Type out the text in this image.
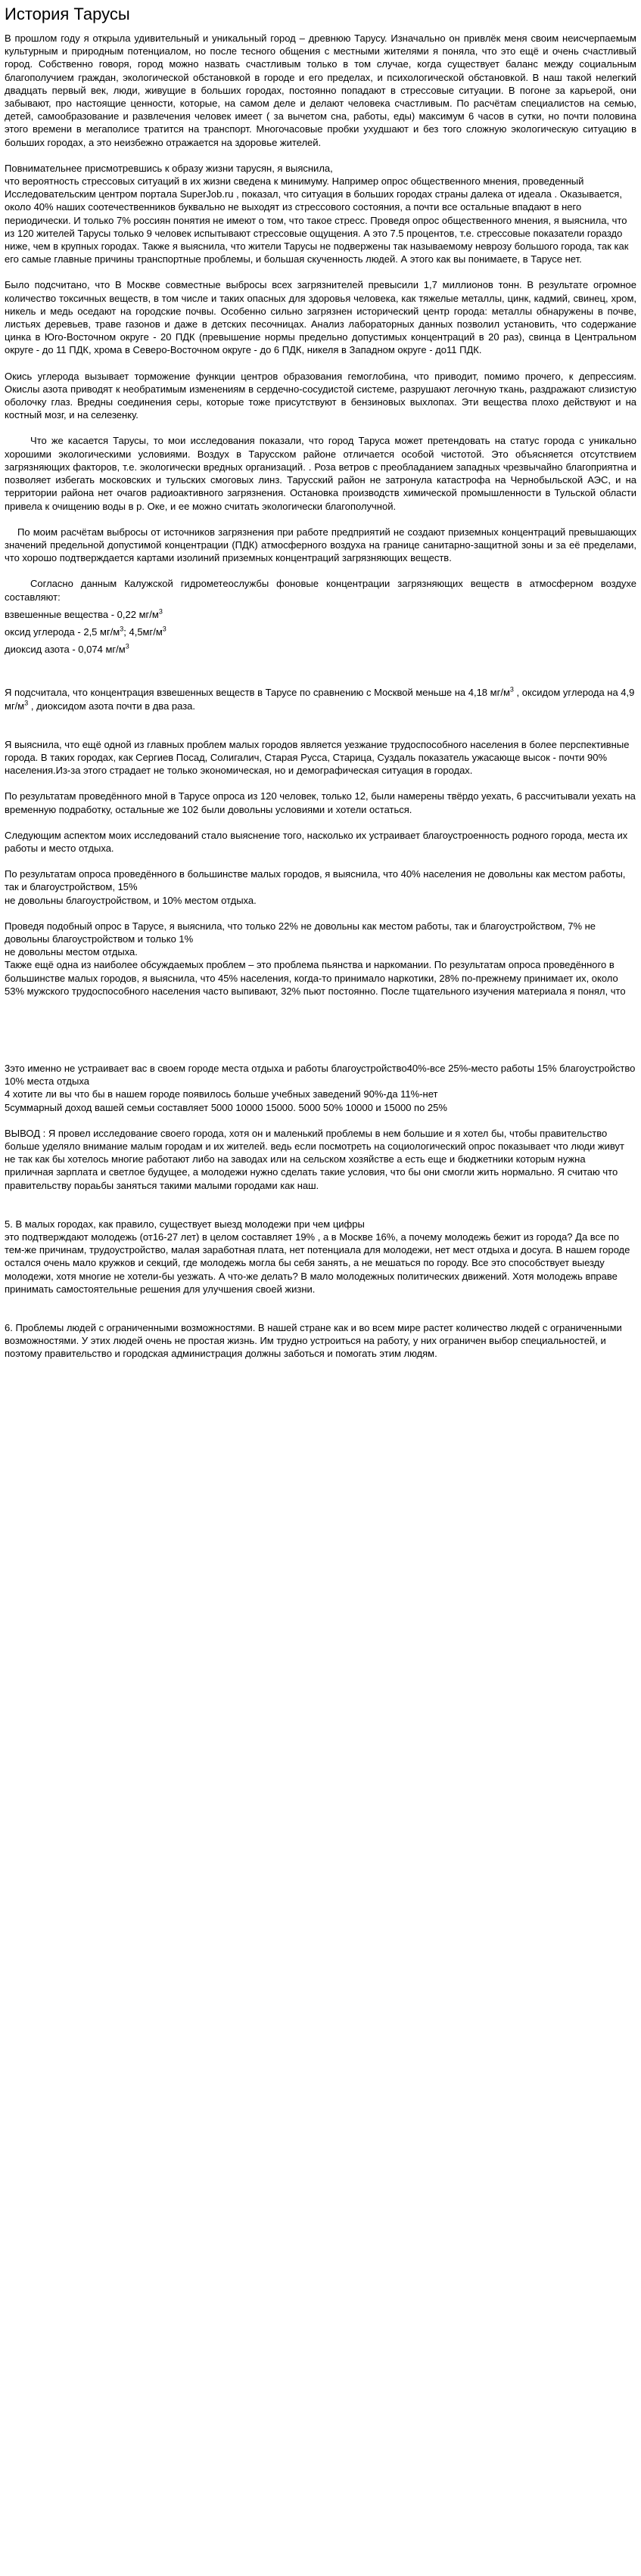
История Тарусы

В прошлом году я открыла удивительный и уникальный город – древнюю Тарусу. Изначально он привлёк меня своим неисчерпаемым культурным и природным потенциалом, но после тесного общения с местными жителями я поняла, что это ещё и очень счастливый город. Собственно говоря, город можно назвать счастливым только в том случае, когда существует баланс между социальным благополучием граждан, экологической обстановкой в городе и его пределах, и психологической обстановкой. В наш такой нелегкий двадцать первый век, люди, живущие в больших городах, постоянно попадают в стрессовые ситуации. В погоне за карьерой, они забывают, про настоящие ценности, которые, на самом деле и делают человека счастливым. По расчётам специалистов на семью, детей, самообразование и развлечения человек имеет ( за вычетом сна, работы, еды) максимум 6 часов в сутки, но почти половина этого времени в мегаполисе тратится на транспорт. Многочасовые пробки ухудшают и без того сложную экологическую ситуацию в больших городах, а это неизбежно отражается на здоровье жителей.

Повнимательнее присмотревшись к образу жизни тарусян, я выяснила,

что вероятность стрессовых ситуаций в их жизни сведена к минимуму. Например опрос общественного мнения, проведенный Исследовательским центром портала SuperJob.ru , показал, что ситуация в больших городах страны далека от идеала . Оказывается, около 40% наших соотечественников буквально не выходят из стрессового состояния, а почти все остальные впадают в него периодически. И только 7% россиян понятия не имеют о том, что такое стресс. Проведя опрос общественного мнения, я выяснила, что из 120 жителей Тарусы только 9 человек испытывают стрессовые ощущения. А это 7.5 процентов, т.е. стрессовые показатели гораздо ниже, чем в крупных городах. Также я выяснила, что жители Тарусы не подвержены так называемому неврозу большого города, так как его самые главные причины транспортные проблемы, и большая скученность людей. А этого как вы понимаете, в Тарусе нет.

Было подсчитано, что В Москве совместные выбросы всех загрязнителей превысили 1,7 миллионов тонн. В результате огромное количество токсичных веществ, в том числе и таких опасных для здоровья человека, как тяжелые металлы, цинк, кадмий, свинец, хром, никель и медь оседают на городские почвы. Особенно сильно загрязнен исторический центр города: металлы обнаружены в почве, листьях деревьев, траве газонов и даже в детских песочницах. Анализ лабораторных данных позволил установить, что содержание цинка в Юго-Восточном округе - 20 ПДК (превышение нормы предельно допустимых концентраций в 20 раз), свинца в Центральном округе - до 11 ПДК, хрома в Северо-Восточном округе - до 6 ПДК, никеля в Западном округе - до11 ПДК.

Окись углерода вызывает торможение функции центров образования гемоглобина, что приводит, помимо прочего, к депрессиям. Окислы азота приводят к необратимым изменениям в сердечно-сосудистой системе, разрушают легочную ткань, раздражают слизистую оболочку глаз. Вредны соединения серы, которые тоже присутствуют в бензиновых выхлопах. Эти вещества плохо действуют и на костный мозг, и на селезенку.

Что же касается Тарусы, то мои исследования показали, что город Таруса может претендовать на статус города с уникально хорошими экологическими условиями. Воздух в Тарусском районе отличается особой чистотой. Это объясняется отсутствием загрязняющих факторов, т.е. экологически вредных организаций. . Роза ветров с преобладанием западных чрезвычайно благоприятна и позволяет избегать московских и тульских смоговых линз. Тарусский район не затронула катастрофа на Чернобыльской АЭС, и на территории района нет очагов радиоактивного загрязнения. Остановка производств химической промышленности в Тульской области привела к очищению воды в р. Оке, и ее можно считать экологически благополучной.

По моим расчётам выбросы от источников загрязнения при работе предприятий не создают приземных концентраций превышающих значений предельной допустимой концентрации (ПДК) атмосферного воздуха на границе санитарно-защитной зоны и за её пределами, что хорошо подтверждается картами изолиний приземных концентраций загрязняющих веществ.

Согласно данным Калужской гидрометеослужбы фоновые концентрации загрязняющих веществ в атмосферном воздухе составляют:

взвешенные вещества - 0,22 $мг/м^3$

оксид углерода - 2,5 $мг/м^3$; $4,5мг/м^3$

диоксид азота - 0,074 $мг/м^3$

Я подсчитала, что концентрация взвешенных веществ в Тарусе по сравнению с Москвой меньше на 4,18 $мг/м^3$ , оксидом углерода на 4,9 $мг/м^3$ , диоксидом азота почти в два раза.

Я выяснила, что ещё одной из главных проблем малых городов является уезжание трудоспособного населения в более перспективные города. В таких городах, как Сергиев Посад, Солигалич, Старая Русса, Старица, Суздаль показатель ужасающе высок - почти 90% населения.Из-за этого страдает не только экономическая, но и демографическая ситуация в городах.

По результатам проведённого мной в Тарусе опроса из 120 человек, только 12, были намерены твёрдо уехать, 6 рассчитывали уехать на временную подработку, остальные же 102 были довольны условиями и хотели остаться.

Следующим аспектом моих исследований стало выяснение того, насколько их устраивает благоустроенность родного города, места их работы и место отдыха.

По результатам опроса проведённого в большинстве малых городов, я выяснила, что 40% населения не довольны как местом работы, так и благоустройством, 15%

не довольны благоустройством, и 10% местом отдыха.

Проведя подобный опрос в Тарусе, я выяснила, что только 22% не довольны как местом работы, так и благоустройством, 7% не довольны благоустройством и только 1%

не довольны местом отдыха.

Также ещё одна из наиболее обсуждаемых проблем – это проблема пьянства и наркомании. По результатам опроса проведённого в большинстве малых городов, я выяснила, что 45% населения, когда-то принимало наркотики, 28% по-прежнему принимает их, около 53% мужского трудоспособного населения часто выпивают, 32% пьют постоянно. После тщательного изучения материала я понял, что

3это именно не устраивает вас в своем городе места отдыха и работы благоустройство40%-все 25%-место работы 15% благоустройство 10% места отдыха

4 хотите ли вы что бы в нашем городе появилось больше учебных заведений 90%-да 11%-нет

5суммарный доход вашей семьи составляет 5000 10000 15000. 5000 50% 10000 и 15000 по 25%

ВЫВОД : Я провел исследование своего города, хотя он и маленький проблемы в нем большие и я хотел бы, чтобы правительство больше уделяло внимание малым городам и их жителей. ведь если посмотреть на социологический опрос показывает что люди живут не так как бы хотелось многие работают либо на заводах или на сельском хозяйстве а есть еще и бюджетники которым нужна приличная зарплата и светлое будущее, а молодежи нужно сделать такие условия, что бы они смогли жить нормально. Я считаю что правительству пораьбы заняться такими малыми городами как наш.

5. В малых городах, как правило, существует выезд молодежи при чем цифры

это подтверждают молодежь (от16-27 лет) в целом составляет 19% , а в Москве 16%, а почему молодежь бежит из города? Да все по тем-же причинам, трудоустройство, малая заработная плата, нет потенциала для молодежи, нет мест отдыха и досуга. В нашем городе остался очень мало кружков и секций, где молодежь могла бы себя занять, а не мешаться по городу. Все это способствует выезду молодежи, хотя многие не хотели-бы уезжать. А что-же делать? В мало молодежных политических движений. Хотя молодежь вправе принимать самостоятельные решения для улучшения своей жизни.

6. Проблемы людей с ограниченными возможностями. В нашей стране как и во всем мире растет количество людей с ограниченными возможностями. У этих людей очень не простая жизнь. Им трудно устроиться на работу, у них ограничен выбор специальностей, и поэтому правительство и городская администрация должны заботься и помогать этим людям.
